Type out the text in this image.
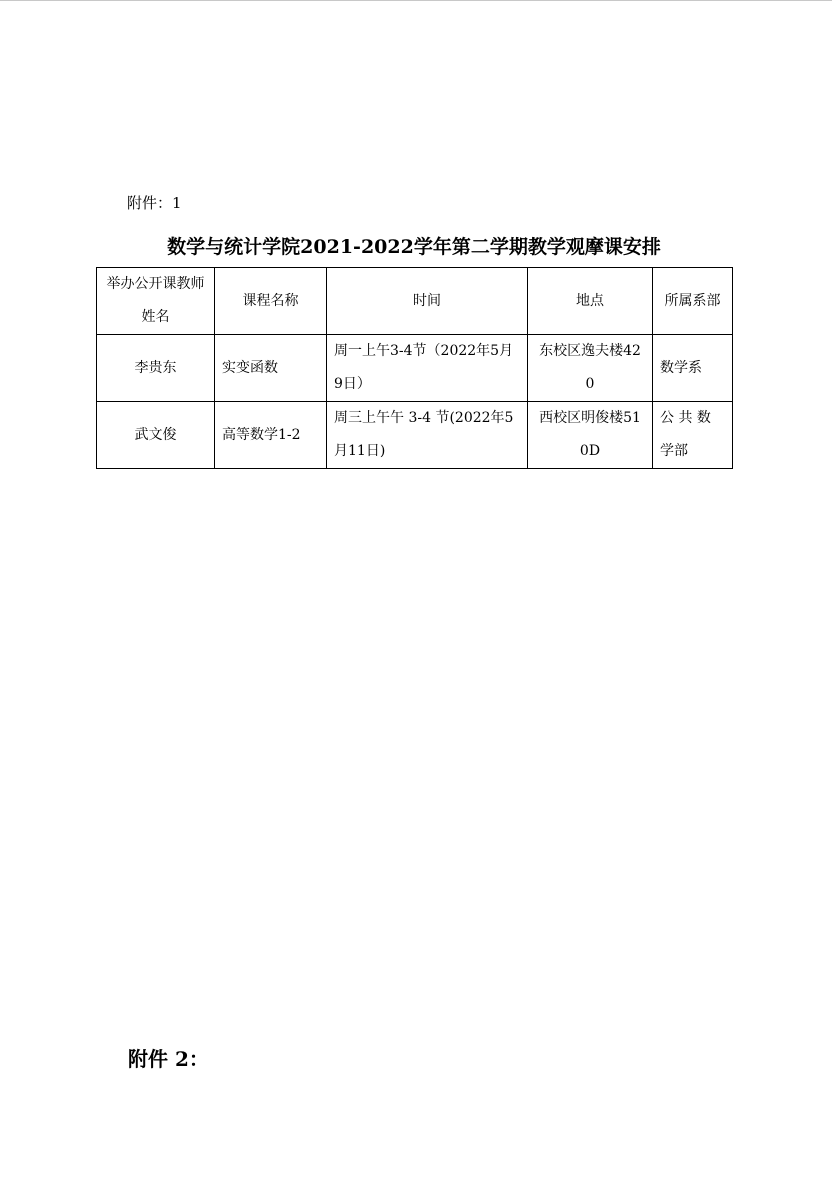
附件：1
数学与统计学院2021-2022学年第二学期教学观摩课安排
举办公开课教师姓名	课程名称	时间	地点	所属系部
李贵东	实变函数	周一上午3-4节（2022年5月9日）	东校区逸夫楼420	数学系
武文俊	高等数学1-2	周三上午午 3-4 节(2022年5月11日)	西校区明俊楼510D	公 共 数 学部
附件 2：
